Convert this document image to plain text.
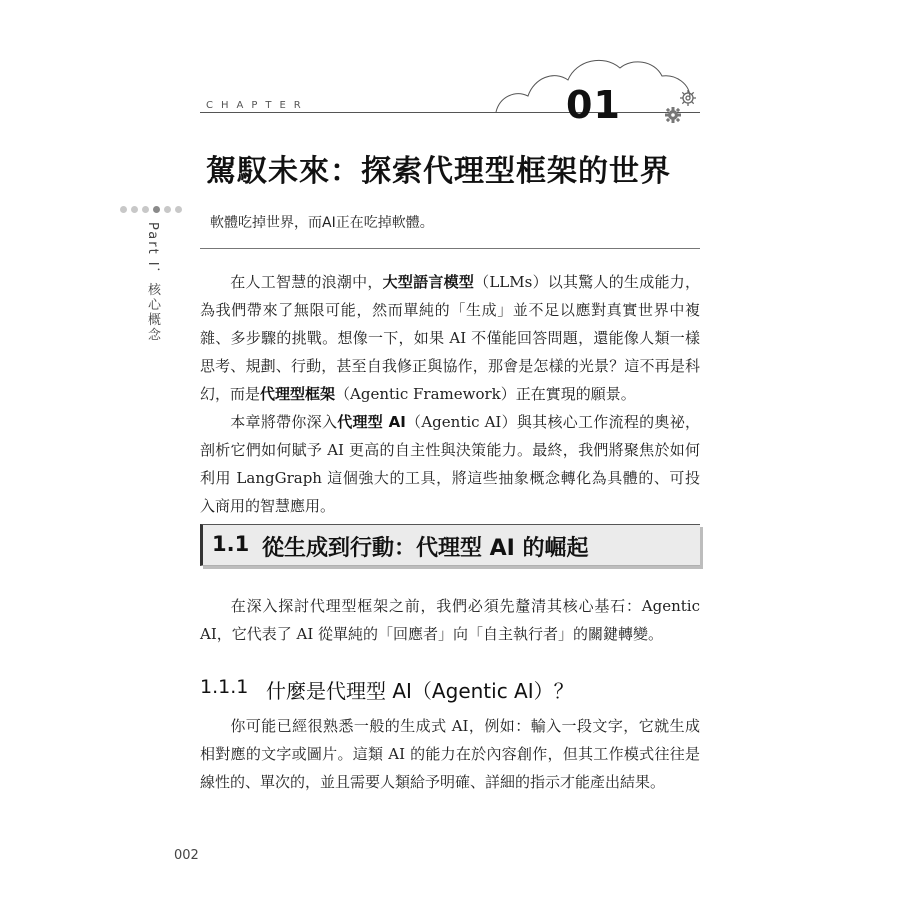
CHAPTER	01
駕馭未來：探索代理型框架的世界
Part I．核心概念	軟體吃掉世界，而AI正在吃掉軟體。

在人工智慧的浪潮中，大型語言模型（LLMs）以其驚人的生成能力，為我們帶來了無限可能，然而單純的「生成」並不足以應對真實世界中複雜、多步驟的挑戰。想像一下，如果 AI 不僅能回答問題，還能像人類一樣思考、規劃、行動，甚至自我修正與協作，那會是怎樣的光景？這不再是科幻，而是代理型框架（Agentic Framework）正在實現的願景。

本章將帶你深入代理型 AI（Agentic AI）與其核心工作流程的奧祕，剖析它們如何賦予 AI 更高的自主性與決策能力。最終，我們將聚焦於如何利用 LangGraph 這個強大的工具，將這些抽象概念轉化為具體的、可投入商用的智慧應用。

1.1 從生成到行動：代理型 AI 的崛起

在深入探討代理型框架之前，我們必須先釐清其核心基石：Agentic AI，它代表了 AI 從單純的「回應者」向「自主執行者」的關鍵轉變。

1.1.1 什麼是代理型 AI（Agentic AI）？

你可能已經很熟悉一般的生成式 AI，例如：輸入一段文字，它就生成相對應的文字或圖片。這類 AI 的能力在於內容創作，但其工作模式往往是線性的、單次的，並且需要人類給予明確、詳細的指示才能產出結果。

002
